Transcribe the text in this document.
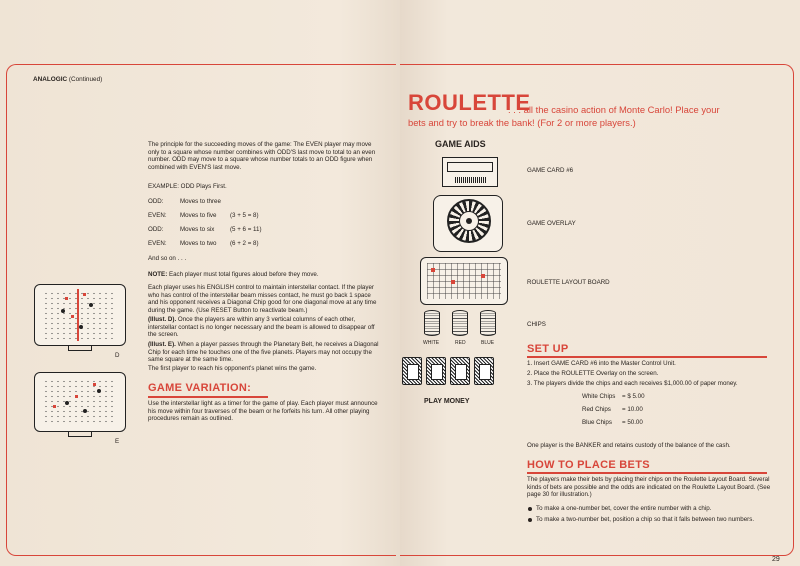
ANALOGIC (Continued)
The principle for the succeeding moves of the game: The EVEN player may move only to a square whose number combines with ODD'S last move to total to an even number. ODD may move to a square whose number totals to an ODD figure when combined with EVEN'S last move.
EXAMPLE: ODD Plays First.
ODD:	Moves to three
EVEN: Moves to five (3 + 5 = 8)
ODD:	Moves to six	(5 + 6 = 11)
EVEN: Moves to two (6 + 2 = 8)
And so on . . .
NOTE: Each player must total figures aloud before they move.
Each player uses his ENGLISH control to maintain interstellar contact. If the player who has control of the interstellar beam misses contact, he must go back 1 space and his opponent receives a Diagonal Chip good for one diagonal move at any time during the game. (Use RESET Button to reactivate beam.)
(Illust. D). Once the players are within any 3 vertical columns of each other, interstellar contact is no longer necessary and the beam is allowed to disappear off the screen.
(Illust. E). When a player passes through the Planetary Belt, he receives a Diagonal Chip for each time he touches one of the five planets. Players may not occupy the same square at the same time.
The first player to reach his opponent's planet wins the game.
GAME VARIATION:
Use the interstellar light as a timer for the game of play. Each player must announce his move within four traverses of the beam or he forfeits his turn. All other playing procedures remain as outlined.
D
E
ROULETTE
. . . all the casino action of Monte Carlo! Place your
bets and try to break the bank! (For 2 or more players.)
GAME AIDS
GAME CARD #6
GAME OVERLAY
ROULETTE LAYOUT BOARD
WHITE	RED	BLUE
CHIPS
PLAY MONEY
SET UP
1. Insert GAME CARD #6 into the Master Control Unit.
2. Place the ROULETTE Overlay on the screen.
3. The players divide the chips and each receives $1,000.00 of paper money.
White Chips = $ 5.00
Red Chips = 10.00
Blue Chips = 50.00
One player is the BANKER and retains custody of the balance of the cash.
HOW TO PLACE BETS
The players make their bets by placing their chips on the Roulette Layout Board. Several kinds of bets are possible and the odds are indicated on the Roulette Layout Board. (See page 30 for illustration.)
To make a one-number bet, cover the entire number with a chip.
To make a two-number bet, position a chip so that it falls between two numbers.
29
